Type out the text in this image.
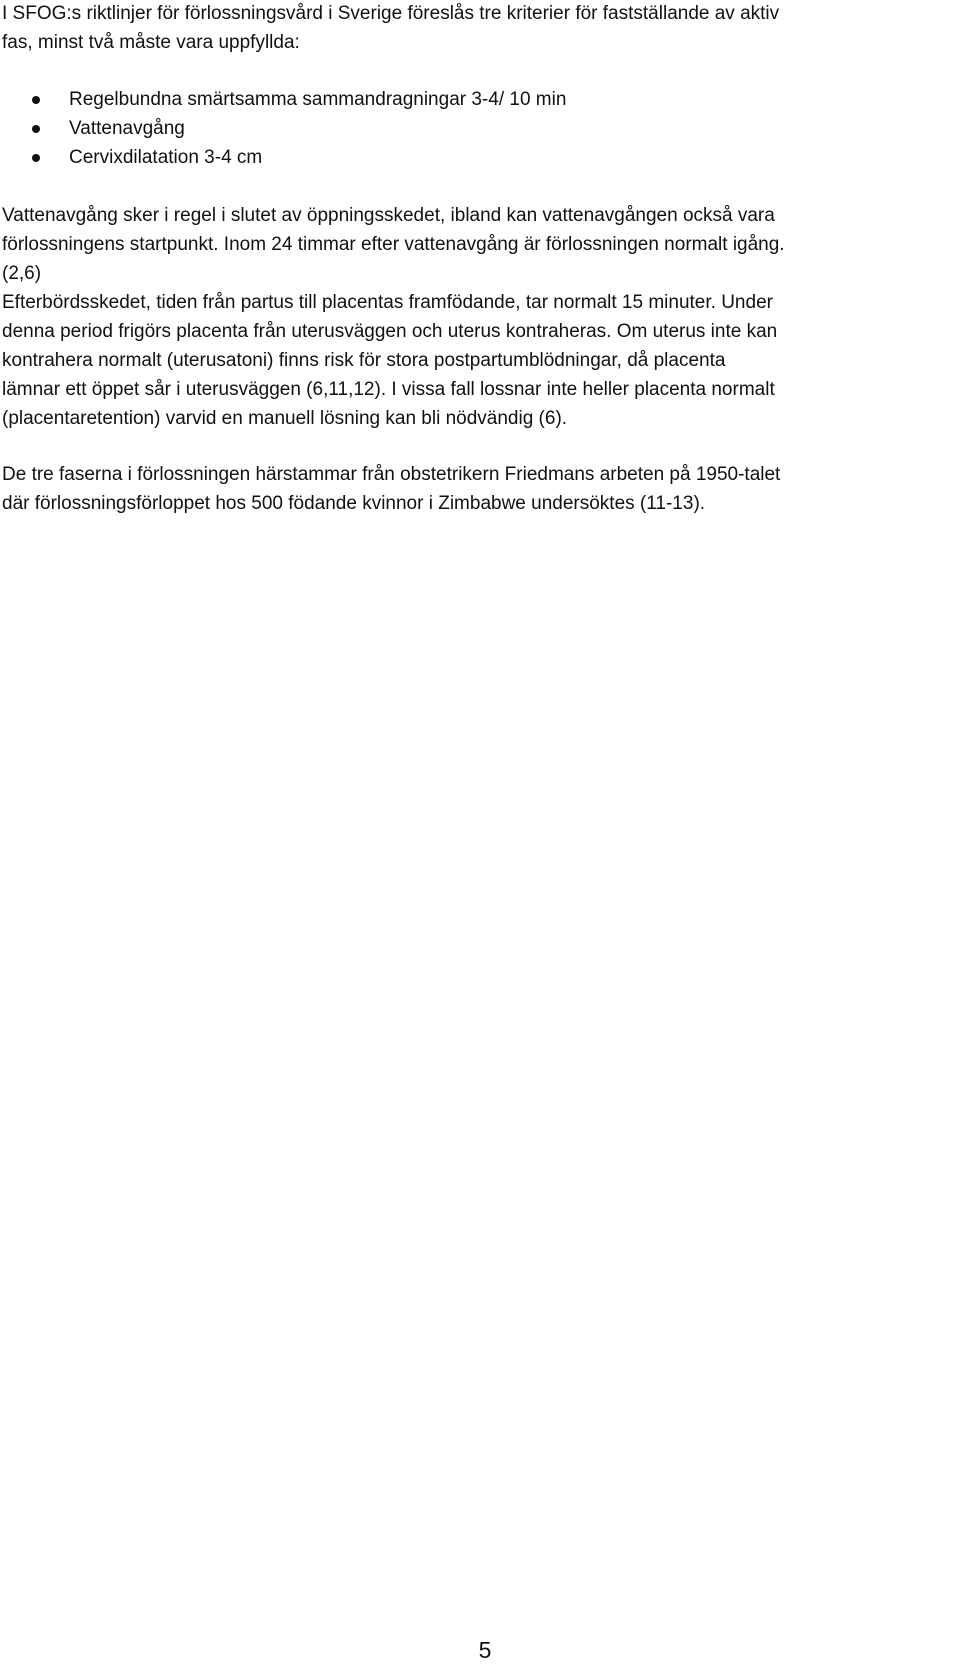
I SFOG:s riktlinjer för förlossningsvård i Sverige föreslås tre kriterier för fastställande av aktiv
fas, minst två måste vara uppfyllda:
Regelbundna smärtsamma sammandragningar 3-4/ 10 min
Vattenavgång
Cervixdilatation 3-4 cm
Vattenavgång sker i regel i slutet av öppningsskedet, ibland kan vattenavgången också vara
förlossningens startpunkt. Inom 24 timmar efter vattenavgång är förlossningen normalt igång.
(2,6)
Efterbördsskedet, tiden från partus till placentas framfödande, tar normalt 15 minuter. Under
denna period frigörs placenta från uterusväggen och uterus kontraheras. Om uterus inte kan
kontrahera normalt (uterusatoni) finns risk för stora postpartumblödningar, då placenta
lämnar ett öppet sår i uterusväggen (6,11,12). I vissa fall lossnar inte heller placenta normalt
(placentaretention) varvid en manuell lösning kan bli nödvändig (6).
De tre faserna i förlossningen härstammar från obstetrikern Friedmans arbeten på 1950-talet
där förlossningsförloppet hos 500 födande kvinnor i Zimbabwe undersöktes (11-13).
5
